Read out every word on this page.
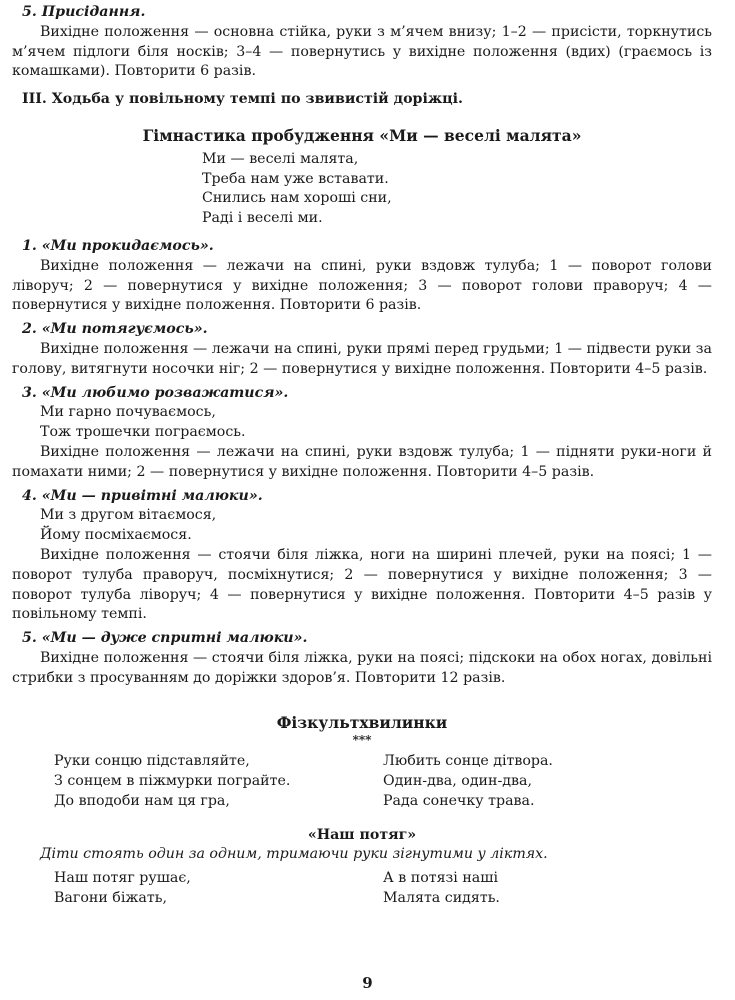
5. Присідання.

Вихідне положення — основна стійка, руки з м’ячем внизу; 1–2 — присісти, торкнутись м’ячем підлоги біля носків; 3–4 — повернутись у вихідне положення (вдих) (граємось із комашками). Повторити 6 разів.

III. Ходьба у повільному темпі по звивистій доріжці.

Гімнастика пробудження «Ми — веселі малята»

Ми — веселі малята,

Треба нам уже вставати.

Снились нам хороші сни,

Раді і веселі ми.

1. «Ми прокидаємось».

Вихідне положення — лежачи на спині, руки вздовж тулуба; 1 — поворот голови ліворуч; 2 — повернутися у вихідне положення; 3 — поворот голови праворуч; 4 — повернутися у вихідне положення. Повторити 6 разів.

2. «Ми потягуємось».

Вихідне положення — лежачи на спині, руки прямі перед грудьми; 1 — підвести руки за голову, витягнути носочки ніг; 2 — повернутися у вихідне положення. Повторити 4–5 разів.

3. «Ми любимо розважатися».

Ми гарно почуваємось,

Тож трошечки пограємось.

Вихідне положення — лежачи на спині, руки вздовж тулуба; 1 — підняти руки-ноги й помахати ними; 2 — повернутися у вихідне положення. Повторити 4–5 разів.

4. «Ми — привітні малюки».

Ми з другом вітаємося,

Йому посміхаємося.

Вихідне положення — стоячи біля ліжка, ноги на ширині плечей, руки на поясі; 1 — поворот тулуба праворуч, посміхнутися; 2 — повернутися у вихідне положення; 3 — поворот тулуба ліворуч; 4 — повернутися у вихідне положення. Повторити 4–5 разів у повільному темпі.

5. «Ми — дуже спритні малюки».

Вихідне положення — стоячи біля ліжка, руки на поясі; підскоки на обох ногах, довільні стрибки з просуванням до доріжки здоров’я. Повторити 12 разів.

Фізкультхвилинки

***

Руки сонцю підставляйте,

З сонцем в піжмурки пограйте.

До вподоби нам ця гра,

Любить сонце дітвора.

Один-два, один-два,

Рада сонечку трава.

«Наш потяг»

Діти стоять один за одним, тримаючи руки зігнутими у ліктях.

Наш потяг рушає,

Вагони біжать,

А в потязі наші

Малята сидять.

9
